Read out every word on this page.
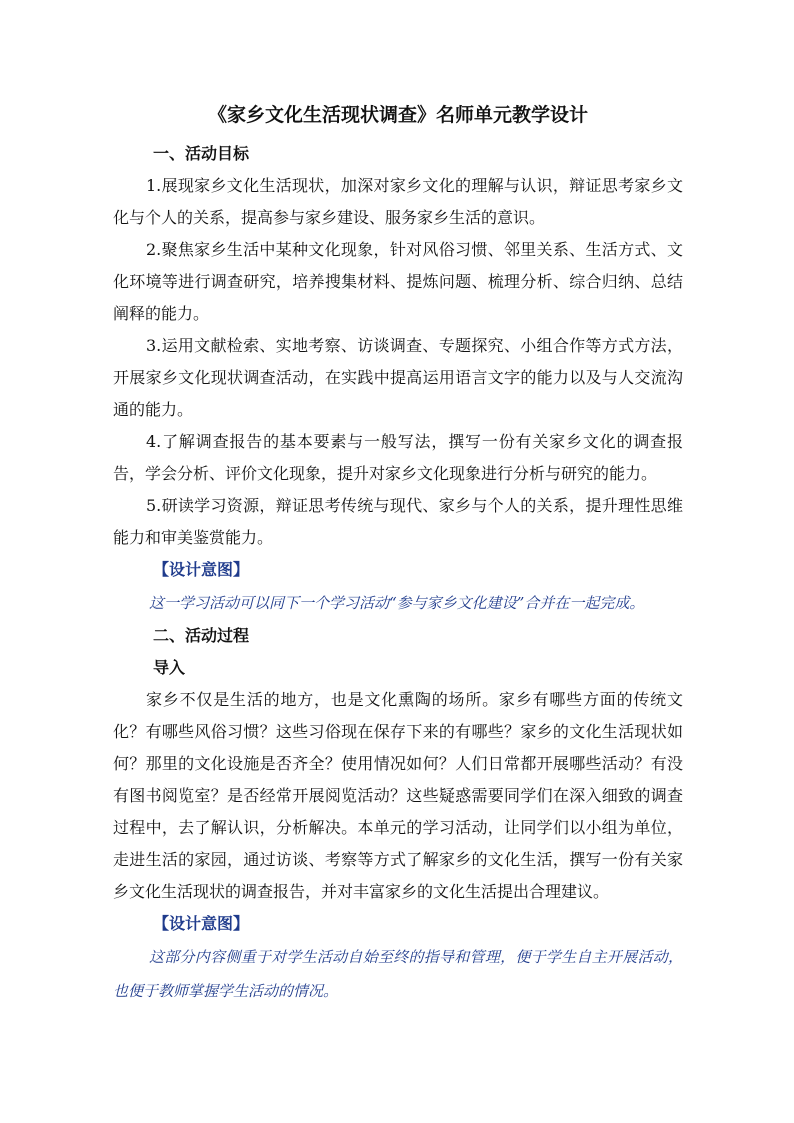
《家乡文化生活现状调查》名师单元教学设计

一、活动目标

1.展现家乡文化生活现状，加深对家乡文化的理解与认识，辩证思考家乡文化与个人的关系，提高参与家乡建设、服务家乡生活的意识。

2.聚焦家乡生活中某种文化现象，针对风俗习惯、邻里关系、生活方式、文化环境等进行调查研究，培养搜集材料、提炼问题、梳理分析、综合归纳、总结阐释的能力。

3.运用文献检索、实地考察、访谈调查、专题探究、小组合作等方式方法，开展家乡文化现状调查活动，在实践中提高运用语言文字的能力以及与人交流沟通的能力。

4.了解调查报告的基本要素与一般写法，撰写一份有关家乡文化的调查报告，学会分析、评价文化现象，提升对家乡文化现象进行分析与研究的能力。

5.研读学习资源，辩证思考传统与现代、家乡与个人的关系，提升理性思维能力和审美鉴赏能力。

【设计意图】

这一学习活动可以同下一个学习活动“参与家乡文化建设”合并在一起完成。

二、活动过程

导入

家乡不仅是生活的地方，也是文化熏陶的场所。家乡有哪些方面的传统文化？有哪些风俗习惯？这些习俗现在保存下来的有哪些？家乡的文化生活现状如何？那里的文化设施是否齐全？使用情况如何？人们日常都开展哪些活动？有没有图书阅览室？是否经常开展阅览活动？这些疑惑需要同学们在深入细致的调查过程中，去了解认识，分析解决。本单元的学习活动，让同学们以小组为单位，走进生活的家园，通过访谈、考察等方式了解家乡的文化生活，撰写一份有关家乡文化生活现状的调查报告，并对丰富家乡的文化生活提出合理建议。

【设计意图】

这部分内容侧重于对学生活动自始至终的指导和管理，便于学生自主开展活动，也便于教师掌握学生活动的情况。
